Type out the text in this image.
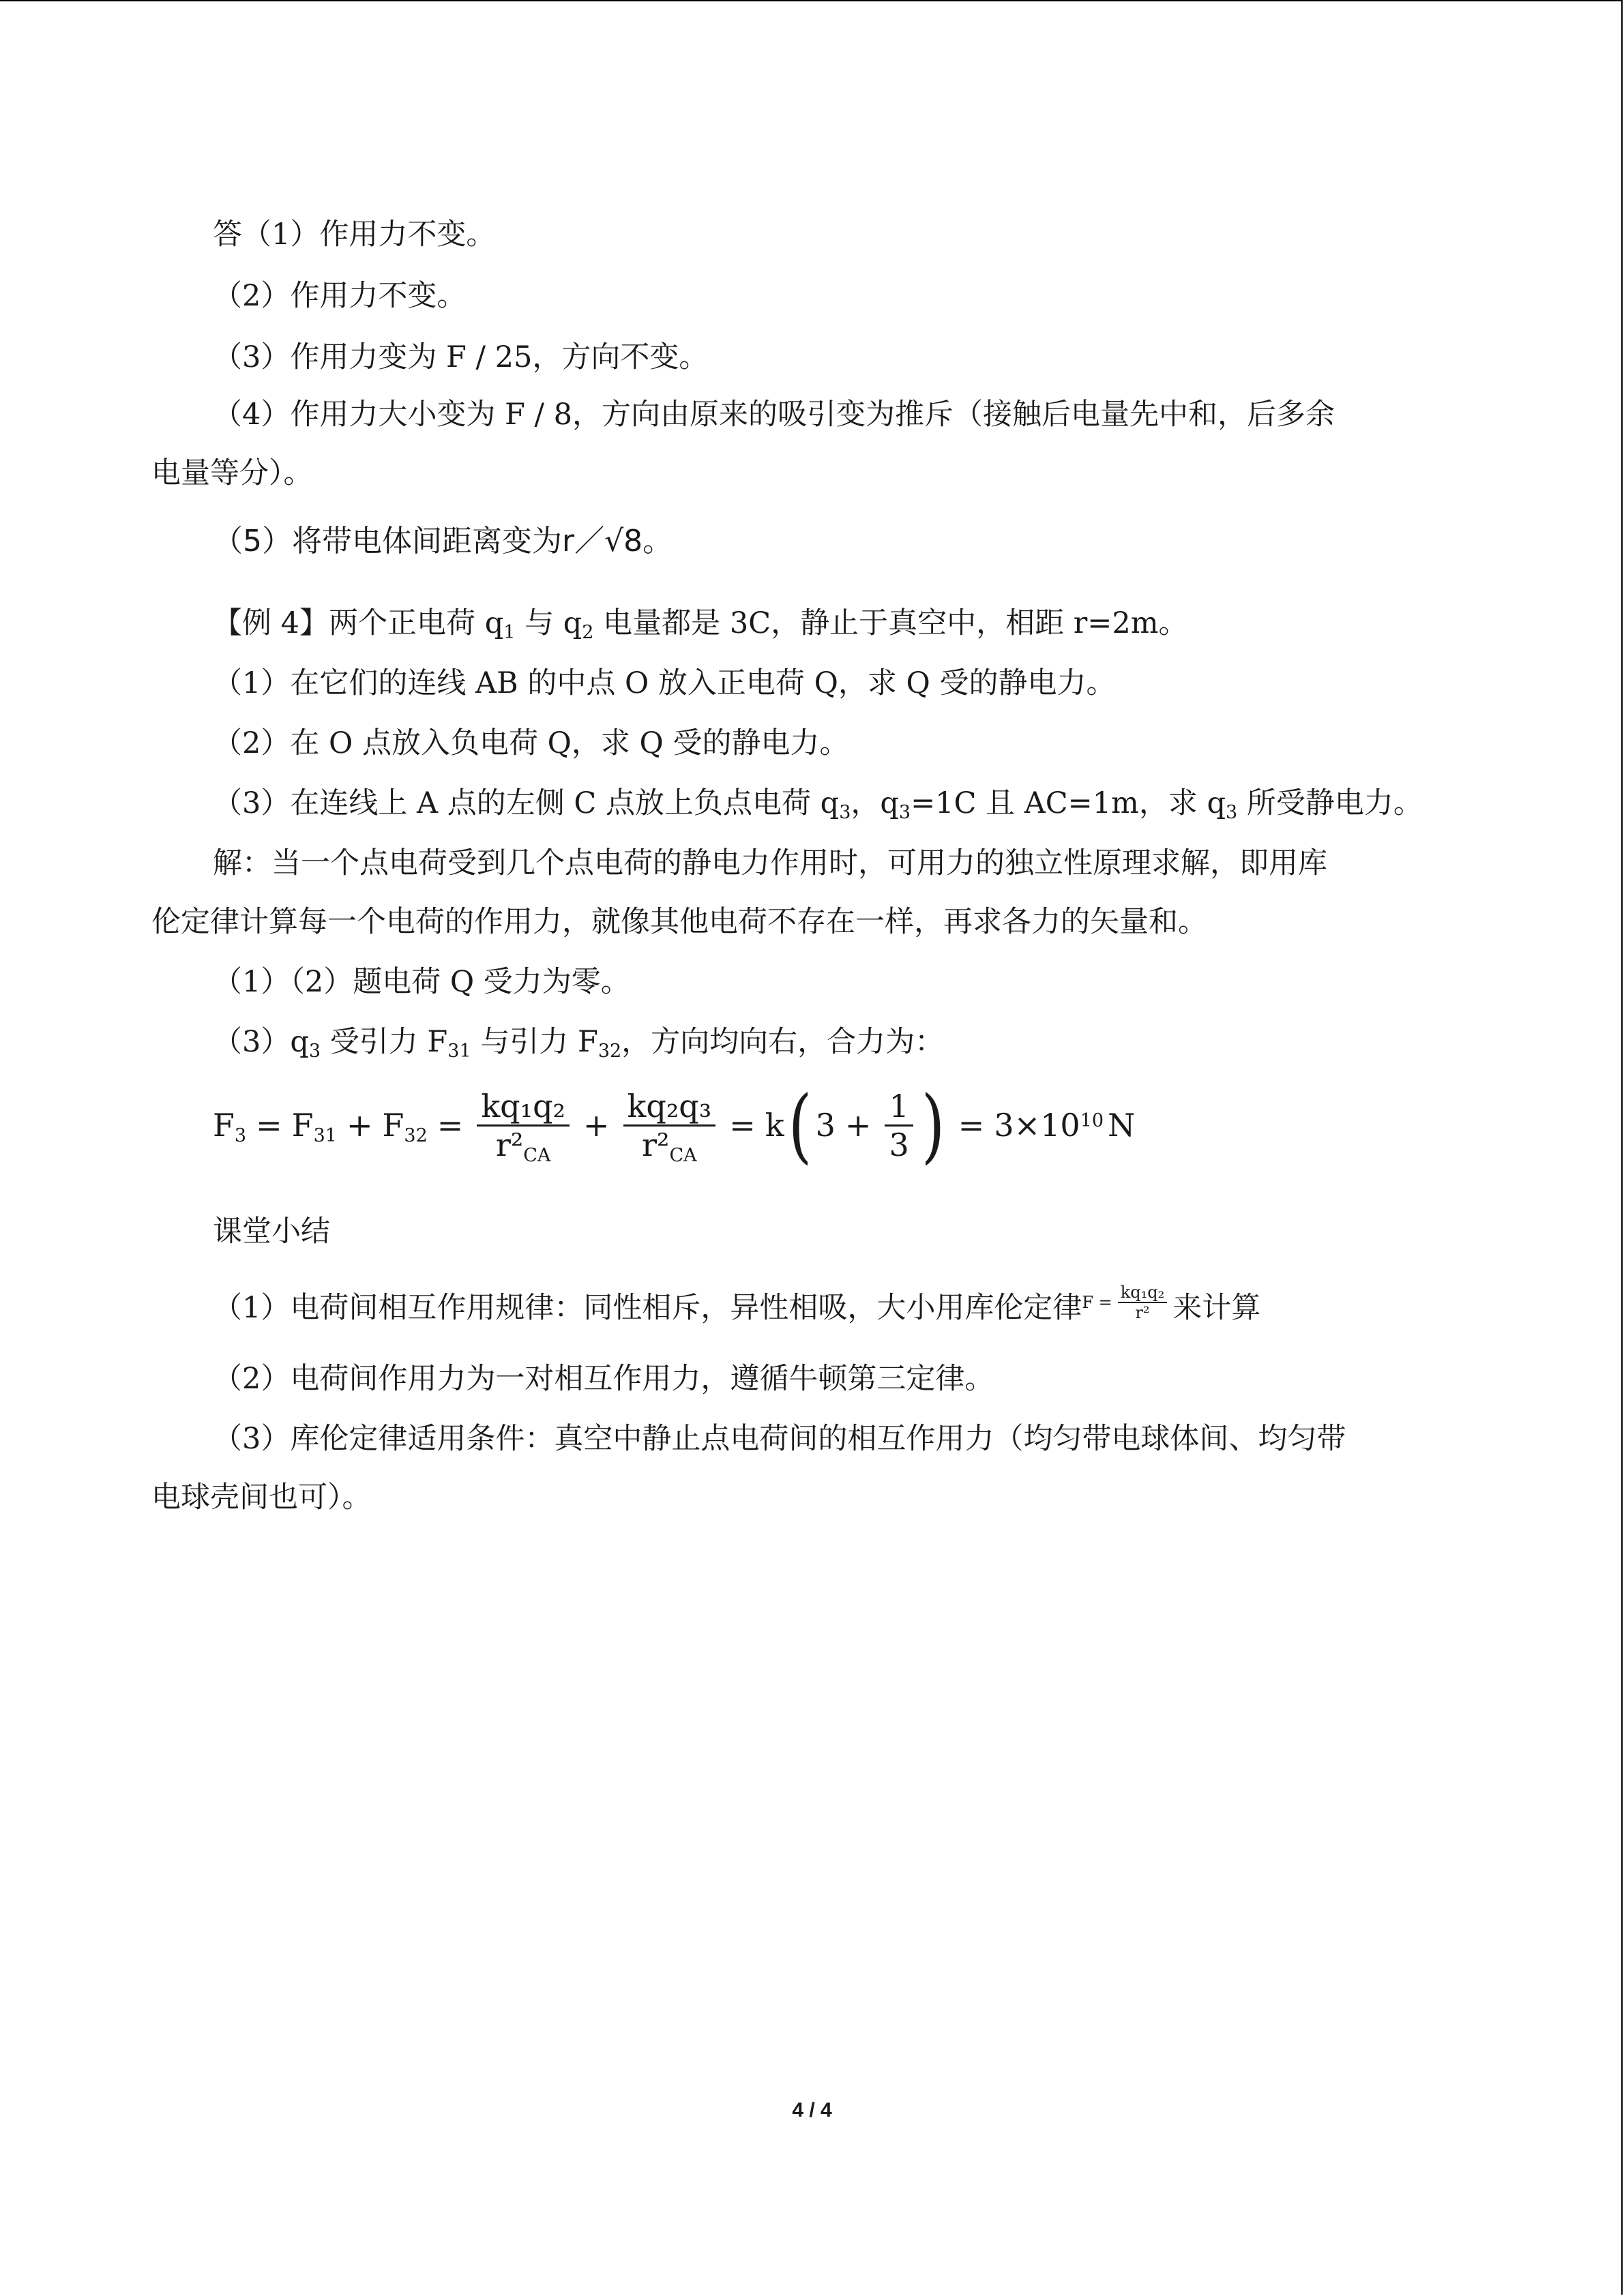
答（1）作用力不变。
（2）作用力不变。
（3）作用力变为 F / 25，方向不变。
（4）作用力大小变为 F / 8，方向由原来的吸引变为推斥（接触后电量先中和，后多余
电量等分）。
（5）将带电体间距离变为r／√8。
【例 4】两个正电荷 $q_1$ 与 $q_2$ 电量都是 3C，静止于真空中，相距 r=2m。
（1）在它们的连线 AB 的中点 O 放入正电荷 Q，求 Q 受的静电力。
（2）在 O 点放入负电荷 Q，求 Q 受的静电力。
（3）在连线上 A 点的左侧 C 点放上负点电荷 $q_3$，$q_3=1C$ 且 AC=1m，求 $q_3$ 所受静电力。
解：当一个点电荷受到几个点电荷的静电力作用时，可用力的独立性原理求解，即用库
伦定律计算每一个电荷的作用力，就像其他电荷不存在一样，再求各力的矢量和。
（1）（2）题电荷 Q 受力为零。
$(3)q_3$ 受引力 $F_{31}$ 与引力 $F_{32}$，方向均向右，合力为：
$F_3 = F_{31} + F_{32} = \frac{\text{kq₁q₂}}{r^2_{CA}} + \frac{\text{kq₂q₃}}{r^2_{CA}} = k$ ( $3 + \frac{1}{3}$ ) = $3\times 10^{10}$ N
课堂小结
（1）电荷间相互作用规律：同性相斥，异性相吸，大小用库伦定律 $F = \frac{\text{kq₁q₂}}{\text{r²}}$ 来计算
（2）电荷间作用力为一对相互作用力，遵循牛顿第三定律。
（3）库伦定律适用条件：真空中静止点电荷间的相互作用力（均匀带电球体间、均匀带
电球壳间也可）。
4 / 4
